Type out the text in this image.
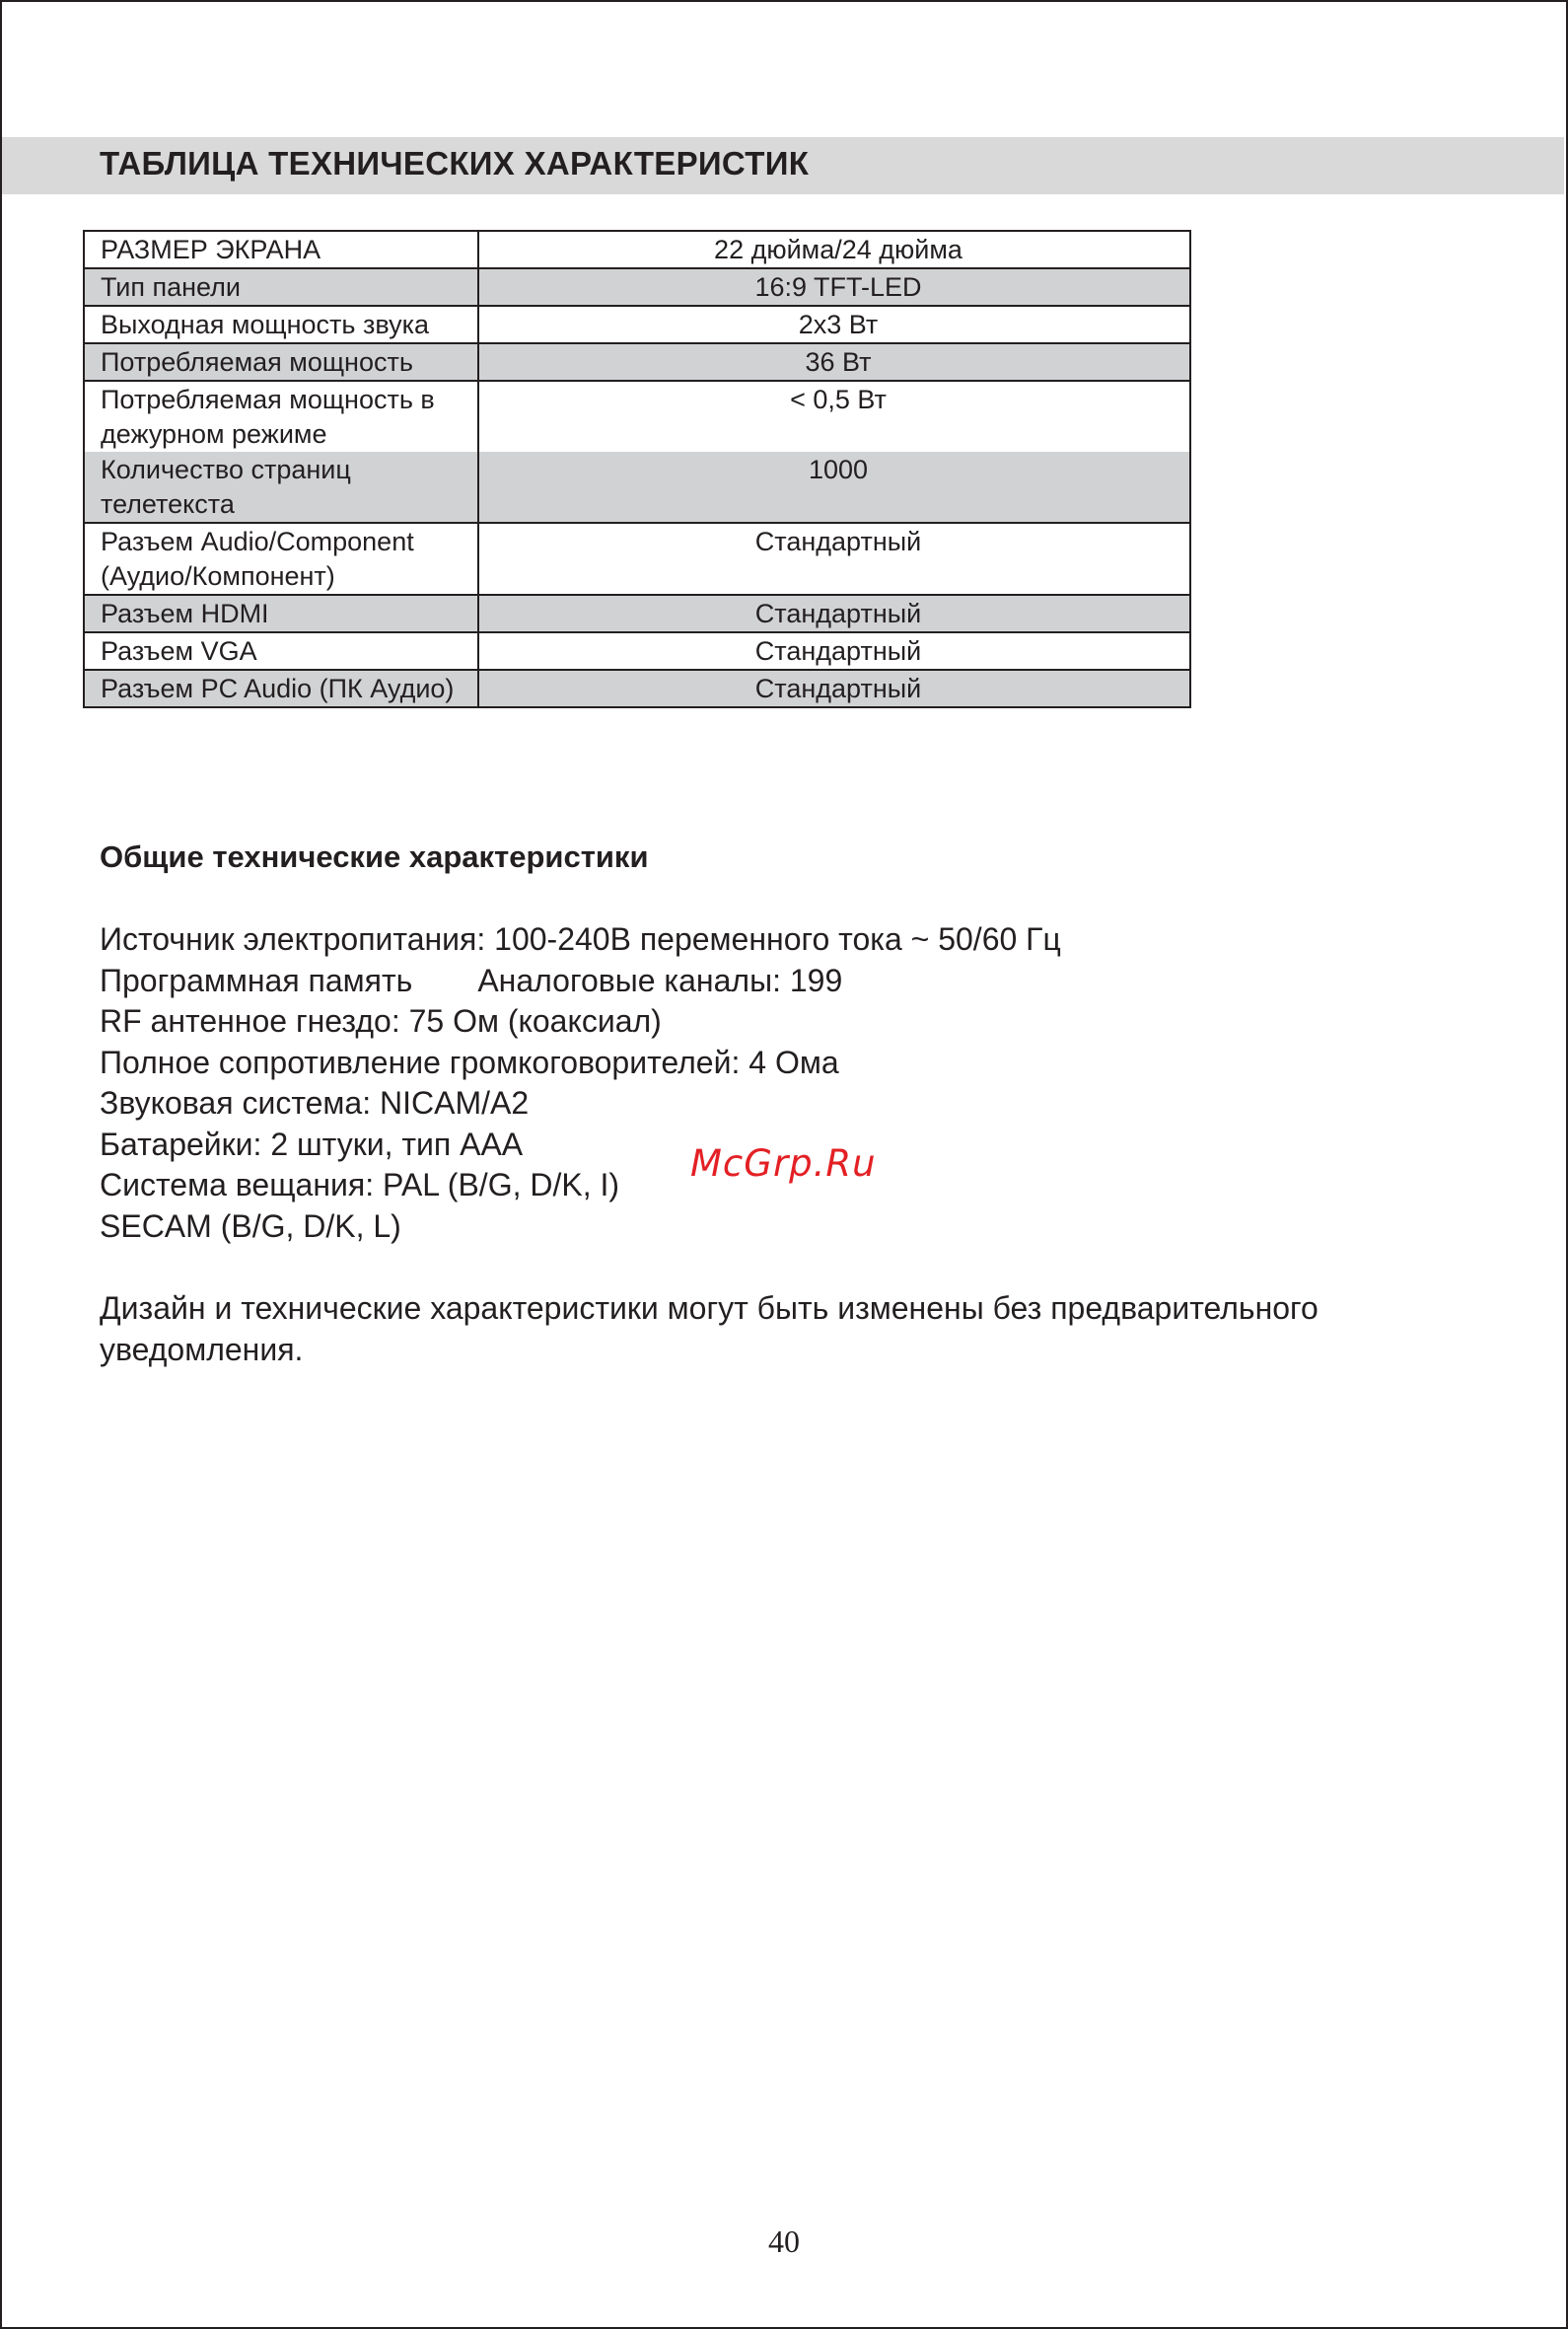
ТАБЛИЦА ТЕХНИЧЕСКИХ ХАРАКТЕРИСТИК
РАЗМЕР ЭКРАНА	22 дюйма/24 дюйма
Тип панели	16:9 TFT-LED
Выходная мощность звука	2x3 Вт
Потребляемая мощность	36 Вт
Потребляемая мощность в дежурном режиме	< 0,5 Вт
Количество страниц телетекста	1000
Разъем Audio/Component (Аудио/Компонент)	Стандартный
Разъем HDMI	Стандартный
Разъем VGA	Стандартный
Разъем PC Audio (ПК Аудио)	Стандартный
Общие технические характеристики
Источник электропитания: 100-240В переменного тока ~ 50/60 Гц
Программная память Аналоговые каналы: 199
RF антенное гнездо: 75 Ом (коаксиал)
Полное сопротивление громкоговорителей: 4 Ома
Звуковая система: NICAM/A2
Батарейки: 2 штуки, тип AAA
Система вещания: PAL (B/G, D/K, I)
SECAM (B/G, D/K, L)
Дизайн и технические характеристики могут быть изменены без предварительного уведомления.
McGrp.Ru
40
